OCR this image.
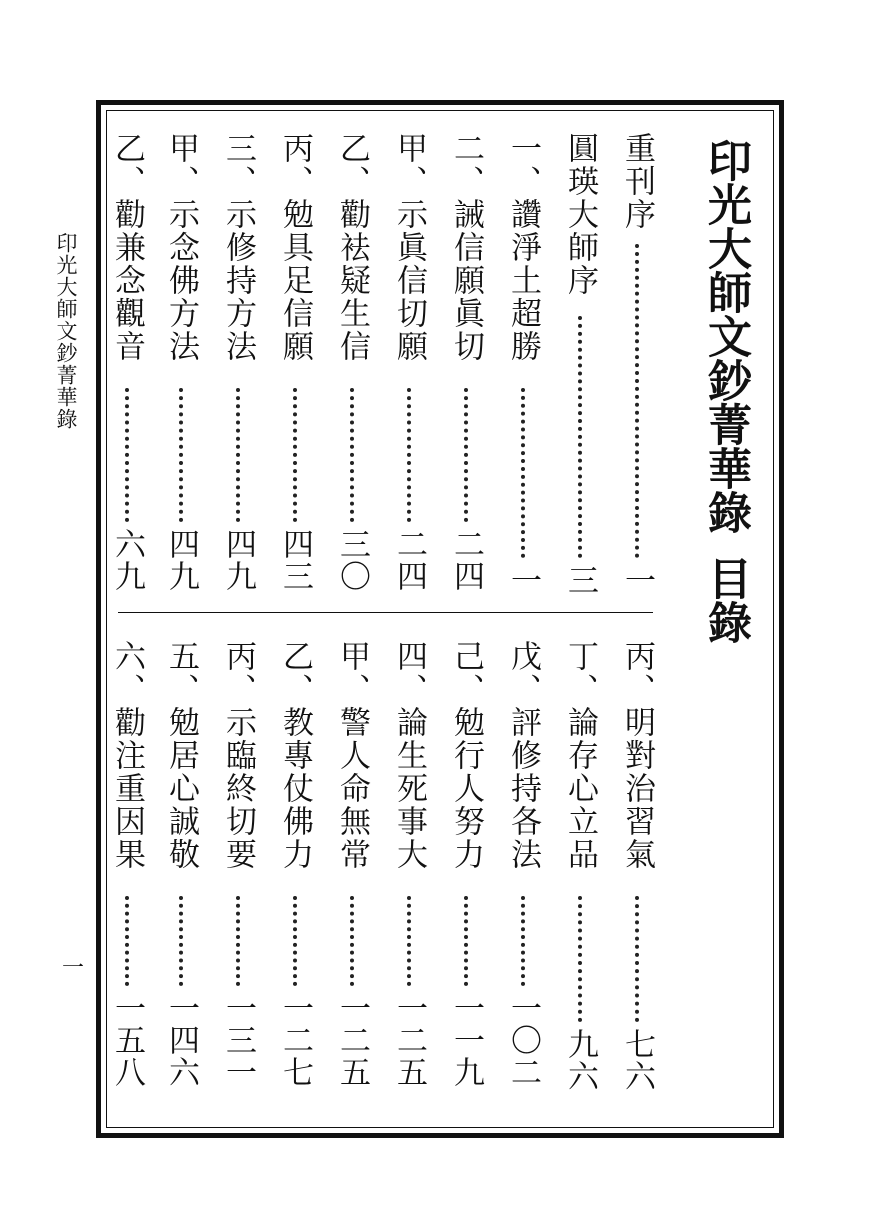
印光大師文鈔菁華錄
一
印光大師文鈔菁華錄目錄
重刊序
一
圓瑛大師序
三
一、讚淨土超勝
一
二、誡信願眞切
二四
甲、示眞信切願
二四
乙、勸袪疑生信
三〇
丙、勉具足信願
四三
三、示修持方法
四九
甲、示念佛方法
四九
乙、勸兼念觀音
六九
丙、明對治習氣
七六
丁、論存心立品
九六
戊、評修持各法
一〇二
己、勉行人努力
一一九
四、論生死事大
一二五
甲、警人命無常
一二五
乙、教專仗佛力
一二七
丙、示臨終切要
一三一
五、勉居心誠敬
一四六
六、勸注重因果
一五八
